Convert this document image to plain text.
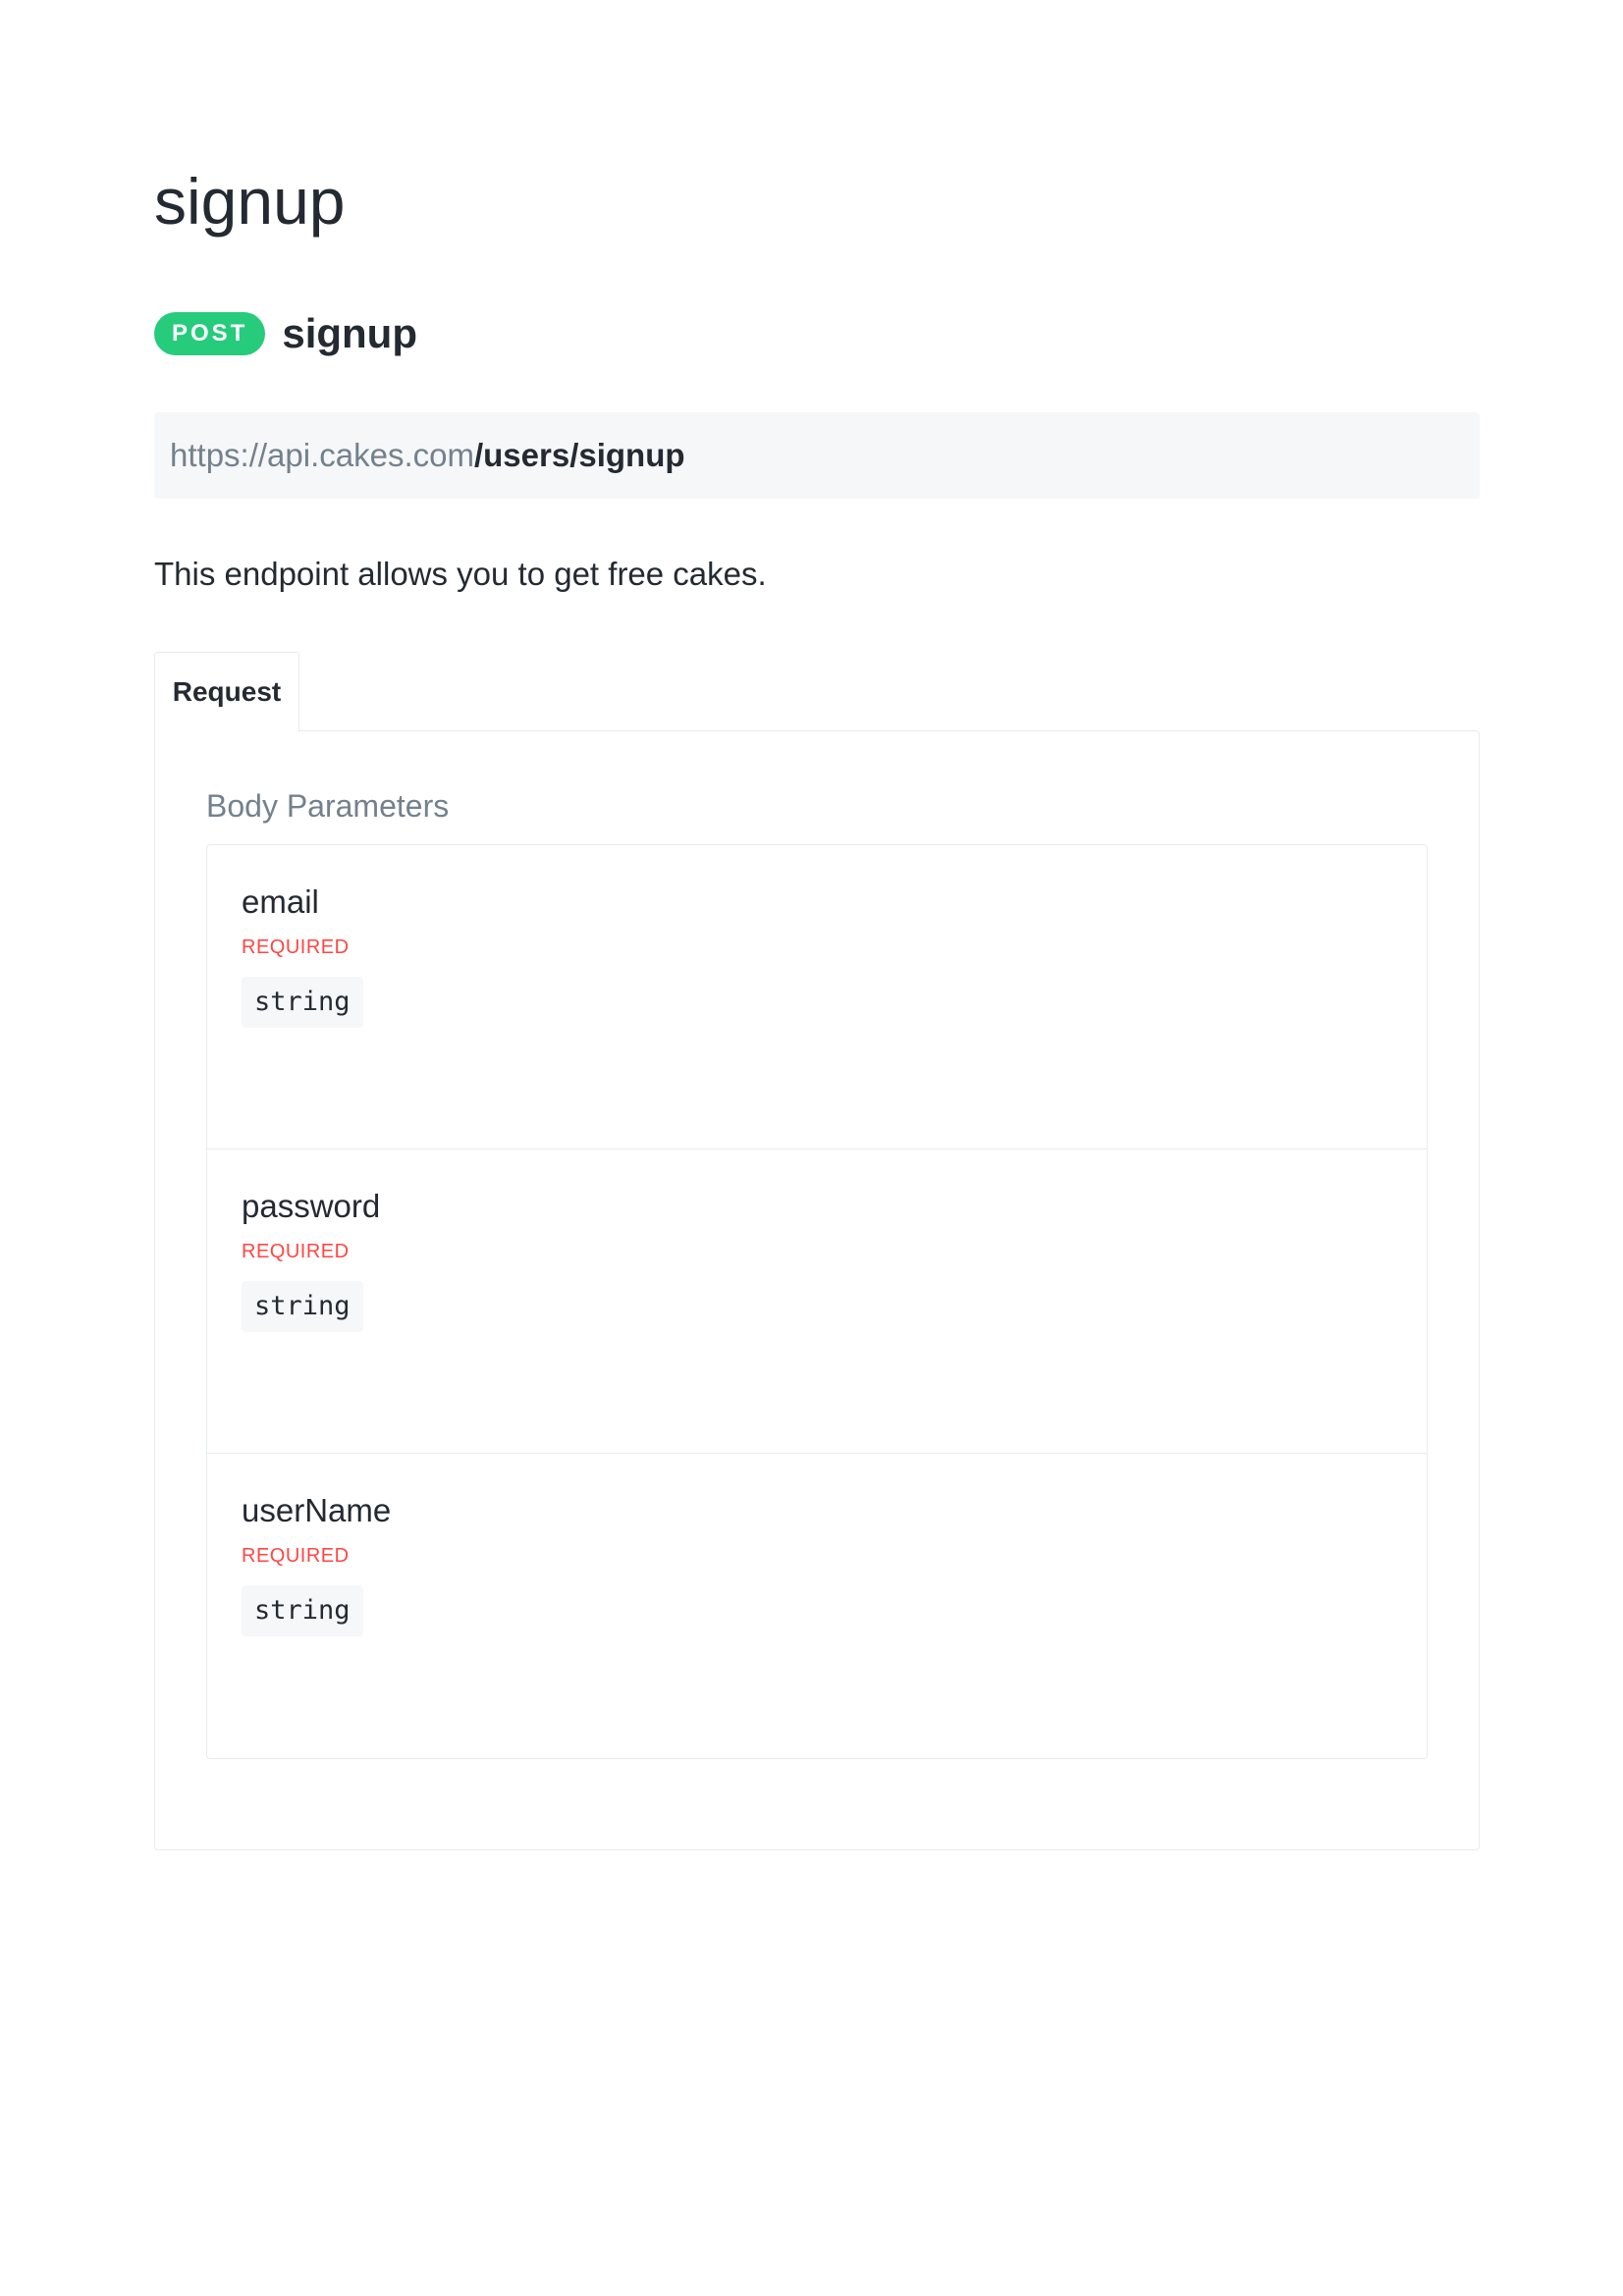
signup
POST signup
https://api.cakes.com/users/signup

This endpoint allows you to get free cakes.

Request
Body Parameters
email
REQUIRED
string
password
REQUIRED
string
userName
REQUIRED
string
